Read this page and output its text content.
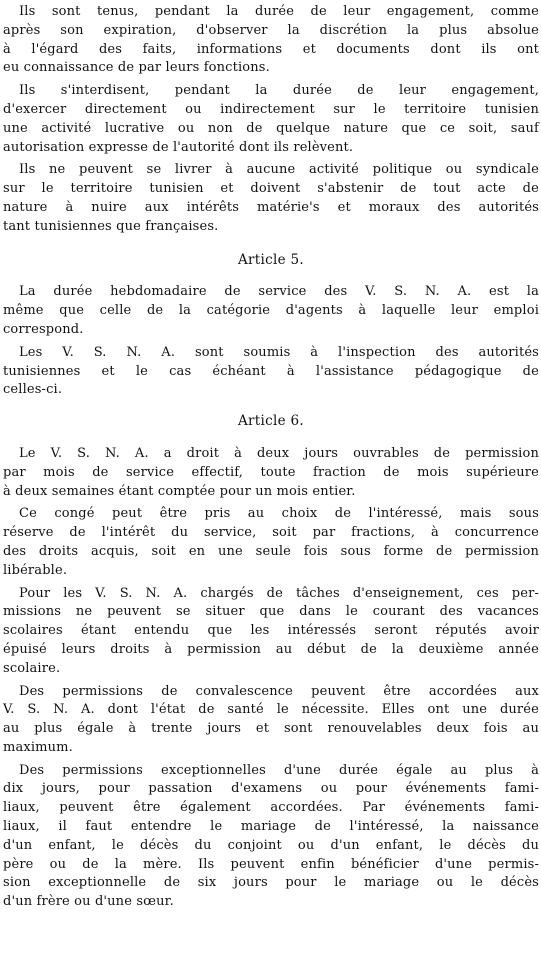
Ils sont tenus, pendant la durée de leur engagement, comme
après son expiration, d'observer la discrétion la plus absolue
à l'égard des faits, informations et documents dont ils ont
eu connaissance de par leurs fonctions.

Ils s'interdisent, pendant la durée de leur engagement,
d'exercer directement ou indirectement sur le territoire tunisien
une activité lucrative ou non de quelque nature que ce soit, sauf
autorisation expresse de l'autorité dont ils relèvent.

Ils ne peuvent se livrer à aucune activité politique ou syndicale
sur le territoire tunisien et doivent s'abstenir de tout acte de
nature à nuire aux intérêts matérie's et moraux des autorités
tant tunisiennes que françaises.

Article 5.

La durée hebdomadaire de service des V. S. N. A. est la
même que celle de la catégorie d'agents à laquelle leur emploi
correspond.

Les V. S. N. A. sont soumis à l'inspection des autorités
tunisiennes et le cas échéant à l'assistance pédagogique de
celles-ci.

Article 6.

Le V. S. N. A. a droit à deux jours ouvrables de permission
par mois de service effectif, toute fraction de mois supérieure
à deux semaines étant comptée pour un mois entier.

Ce congé peut être pris au choix de l'intéressé, mais sous
réserve de l'intérêt du service, soit par fractions, à concurrence
des droits acquis, soit en une seule fois sous forme de permission
libérable.

Pour les V. S. N. A. chargés de tâches d'enseignement, ces per-
missions ne peuvent se situer que dans le courant des vacances
scolaires étant entendu que les intéressés seront réputés avoir
épuisé leurs droits à permission au début de la deuxième année
scolaire.

Des permissions de convalescence peuvent être accordées aux
V. S. N. A. dont l'état de santé le nécessite. Elles ont une durée
au plus égale à trente jours et sont renouvelables deux fois au
maximum.

Des permissions exceptionnelles d'une durée égale au plus à
dix jours, pour passation d'examens ou pour événements fami-
liaux, peuvent être également accordées. Par événements fami-
liaux, il faut entendre le mariage de l'intéressé, la naissance
d'un enfant, le décès du conjoint ou d'un enfant, le décès du
père ou de la mère. Ils peuvent enfin bénéficier d'une permis-
sion exceptionnelle de six jours pour le mariage ou le décès
d'un frère ou d'une sœur.
